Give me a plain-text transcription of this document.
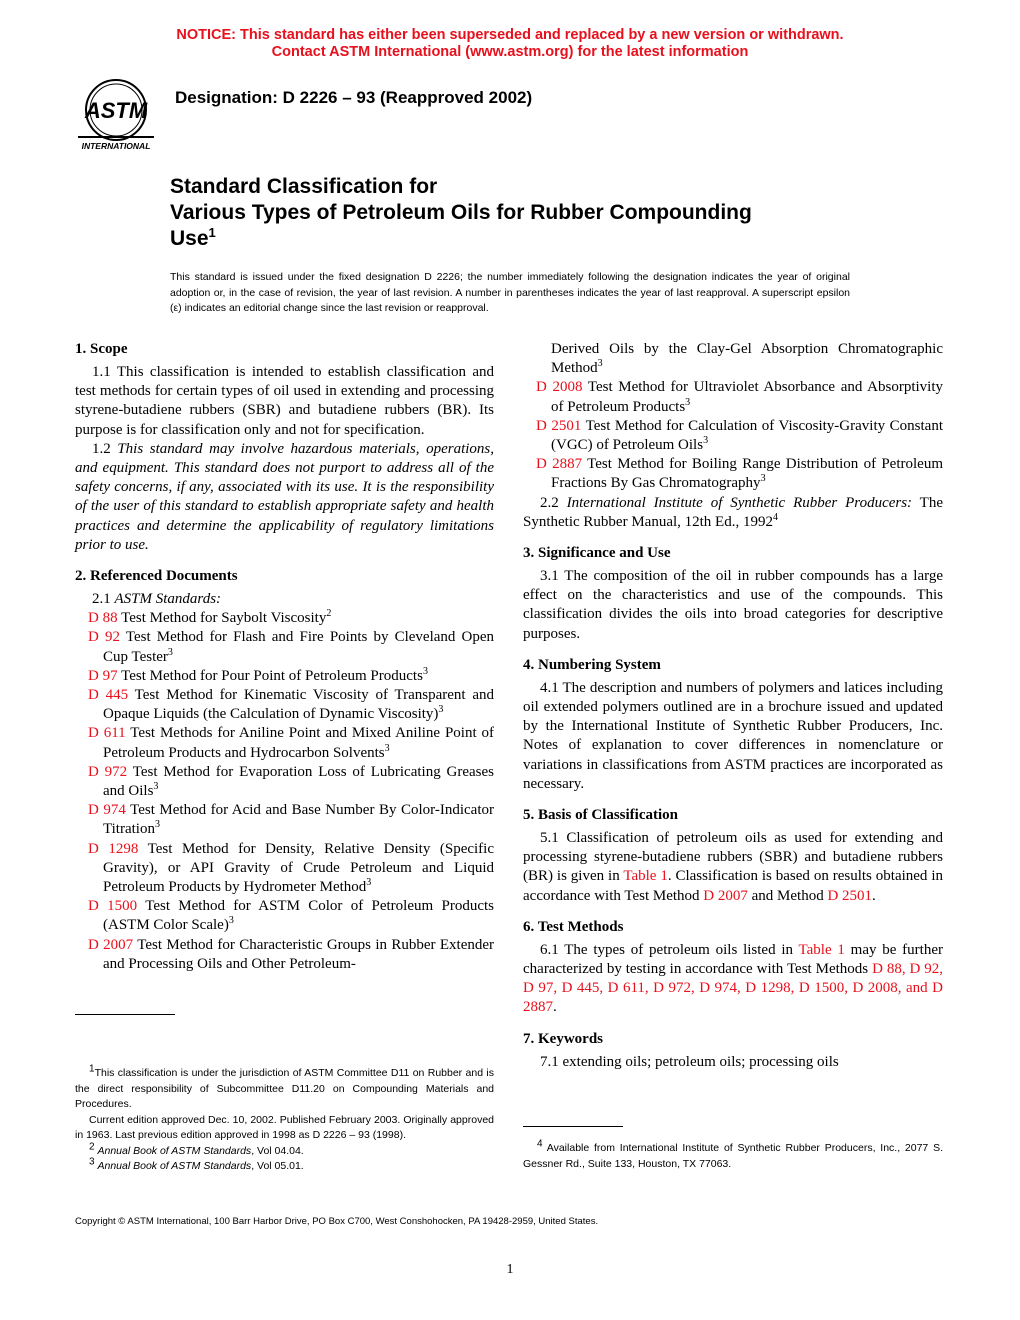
NOTICE: This standard has either been superseded and replaced by a new version or withdrawn.
Contact ASTM International (www.astm.org) for the latest information
ASTM
INTERNATIONAL
Designation: D 2226 – 93 (Reapproved 2002)
Standard Classification for
Various Types of Petroleum Oils for Rubber Compounding
Use$^1$
This standard is issued under the fixed designation D 2226; the number immediately following the designation indicates the year of original adoption or, in the case of revision, the year of last revision. A number in parentheses indicates the year of last reapproval. A superscript epsilon (ε) indicates an editorial change since the last revision or reapproval.
1. Scope

1.1 This classification is intended to establish classification and test methods for certain types of oil used in extending and processing styrene-butadiene rubbers (SBR) and butadiene rubbers (BR). Its purpose is for classification only and not for specification.

1.2 This standard may involve hazardous materials, operations, and equipment. This standard does not purport to address all of the safety concerns, if any, associated with its use. It is the responsibility of the user of this standard to establish appropriate safety and health practices and determine the applicability of regulatory limitations prior to use.

2. Referenced Documents

2.1 ASTM Standards:

D 88 Test Method for Saybolt Viscosity$^2$
D 92 Test Method for Flash and Fire Points by Cleveland Open Cup Tester$^3$
D 97 Test Method for Pour Point of Petroleum Products$^3$
D 445 Test Method for Kinematic Viscosity of Transparent and Opaque Liquids (the Calculation of Dynamic Viscosity)$^3$
D 611 Test Methods for Aniline Point and Mixed Aniline Point of Petroleum Products and Hydrocarbon Solvents$^3$
D 972 Test Method for Evaporation Loss of Lubricating Greases and Oils$^3$
D 974 Test Method for Acid and Base Number By Color-Indicator Titration$^3$
D 1298 Test Method for Density, Relative Density (Specific Gravity), or API Gravity of Crude Petroleum and Liquid Petroleum Products by Hydrometer Method$^3$
D 1500 Test Method for ASTM Color of Petroleum Products (ASTM Color Scale)$^3$
D 2007 Test Method for Characteristic Groups in Rubber Extender and Processing Oils and Other Petroleum-

$^1$This classification is under the jurisdiction of ASTM Committee D11 on Rubber and is the direct responsibility of Subcommittee D11.20 on Compounding Materials and Procedures.

Current edition approved Dec. 10, 2002. Published February 2003. Originally approved in 1963. Last previous edition approved in 1998 as D 2226 – 93 (1998).

$^2$ Annual Book of ASTM Standards, Vol 04.04.

$^3$ Annual Book of ASTM Standards, Vol 05.01.

Derived Oils by the Clay-Gel Absorption Chromatographic Method$^3$
D 2008 Test Method for Ultraviolet Absorbance and Absorptivity of Petroleum Products$^3$
D 2501 Test Method for Calculation of Viscosity-Gravity Constant (VGC) of Petroleum Oils$^3$
D 2887 Test Method for Boiling Range Distribution of Petroleum Fractions By Gas Chromatography$^3$

2.2 International Institute of Synthetic Rubber Producers: The Synthetic Rubber Manual, 12th Ed., 1992$^4$

3. Significance and Use

3.1 The composition of the oil in rubber compounds has a large effect on the characteristics and use of the compounds. This classification divides the oils into broad categories for descriptive purposes.

4. Numbering System

4.1 The description and numbers of polymers and latices including oil extended polymers outlined are in a brochure issued and updated by the International Institute of Synthetic Rubber Producers, Inc. Notes of explanation to cover differences in nomenclature or variations in classifications from ASTM practices are incorporated as necessary.

5. Basis of Classification

5.1 Classification of petroleum oils as used for extending and processing styrene-butadiene rubbers (SBR) and butadiene rubbers (BR) is given in Table 1. Classification is based on results obtained in accordance with Test Method D 2007 and Method D 2501.

6. Test Methods

6.1 The types of petroleum oils listed in Table 1 may be further characterized by testing in accordance with Test Methods D 88, D 92, D 97, D 445, D 611, D 972, D 974, D 1298, D 1500, D 2008, and D 2887.

7. Keywords

7.1 extending oils; petroleum oils; processing oils

$^4$ Available from International Institute of Synthetic Rubber Producers, Inc., 2077 S. Gessner Rd., Suite 133, Houston, TX 77063.

Copyright © ASTM International, 100 Barr Harbor Drive, PO Box C700, West Conshohocken, PA 19428-2959, United States.
1
